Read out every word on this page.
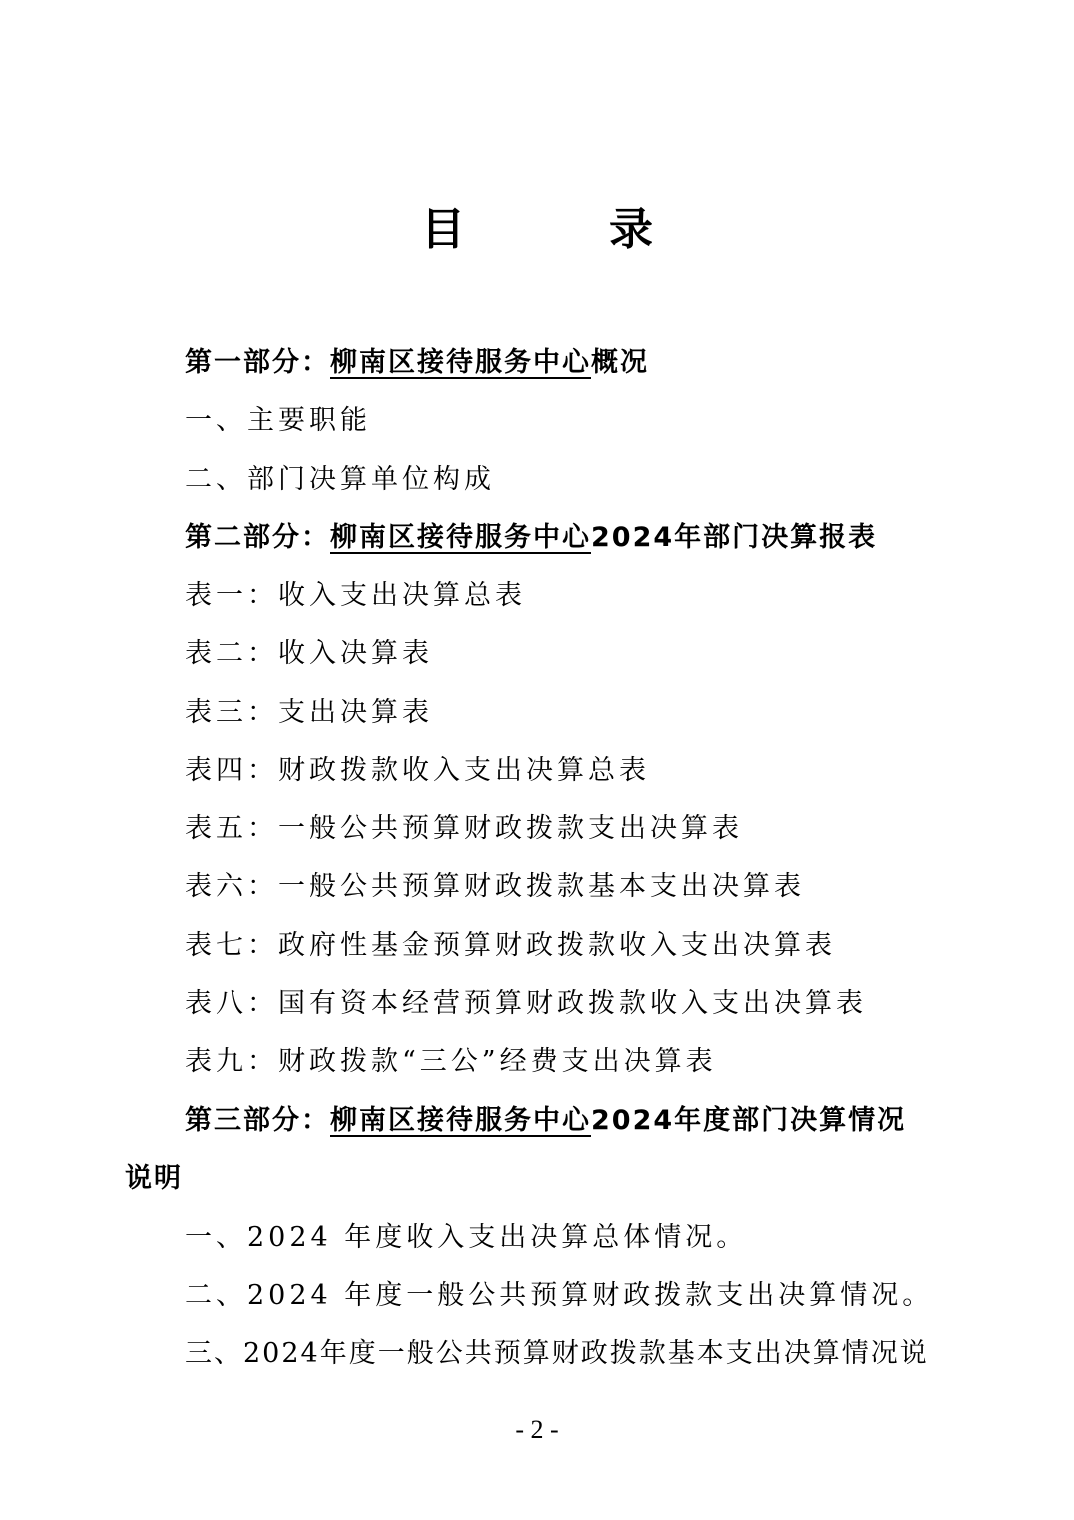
目　录
第一部分：柳南区接待服务中心概况
一、主要职能
二、部门决算单位构成
第二部分：柳南区接待服务中心2024年部门决算报表
表一：收入支出决算总表
表二：收入决算表
表三：支出决算表
表四：财政拨款收入支出决算总表
表五：一般公共预算财政拨款支出决算表
表六：一般公共预算财政拨款基本支出决算表
表七：政府性基金预算财政拨款收入支出决算表
表八：国有资本经营预算财政拨款收入支出决算表
表九：财政拨款“三公”经费支出决算表
第三部分：柳南区接待服务中心2024年度部门决算情况
说明
一、2024 年度收入支出决算总体情况。
二、2024 年度一般公共预算财政拨款支出决算情况。
三、2024年度一般公共预算财政拨款基本支出决算情况说
- 2 -
